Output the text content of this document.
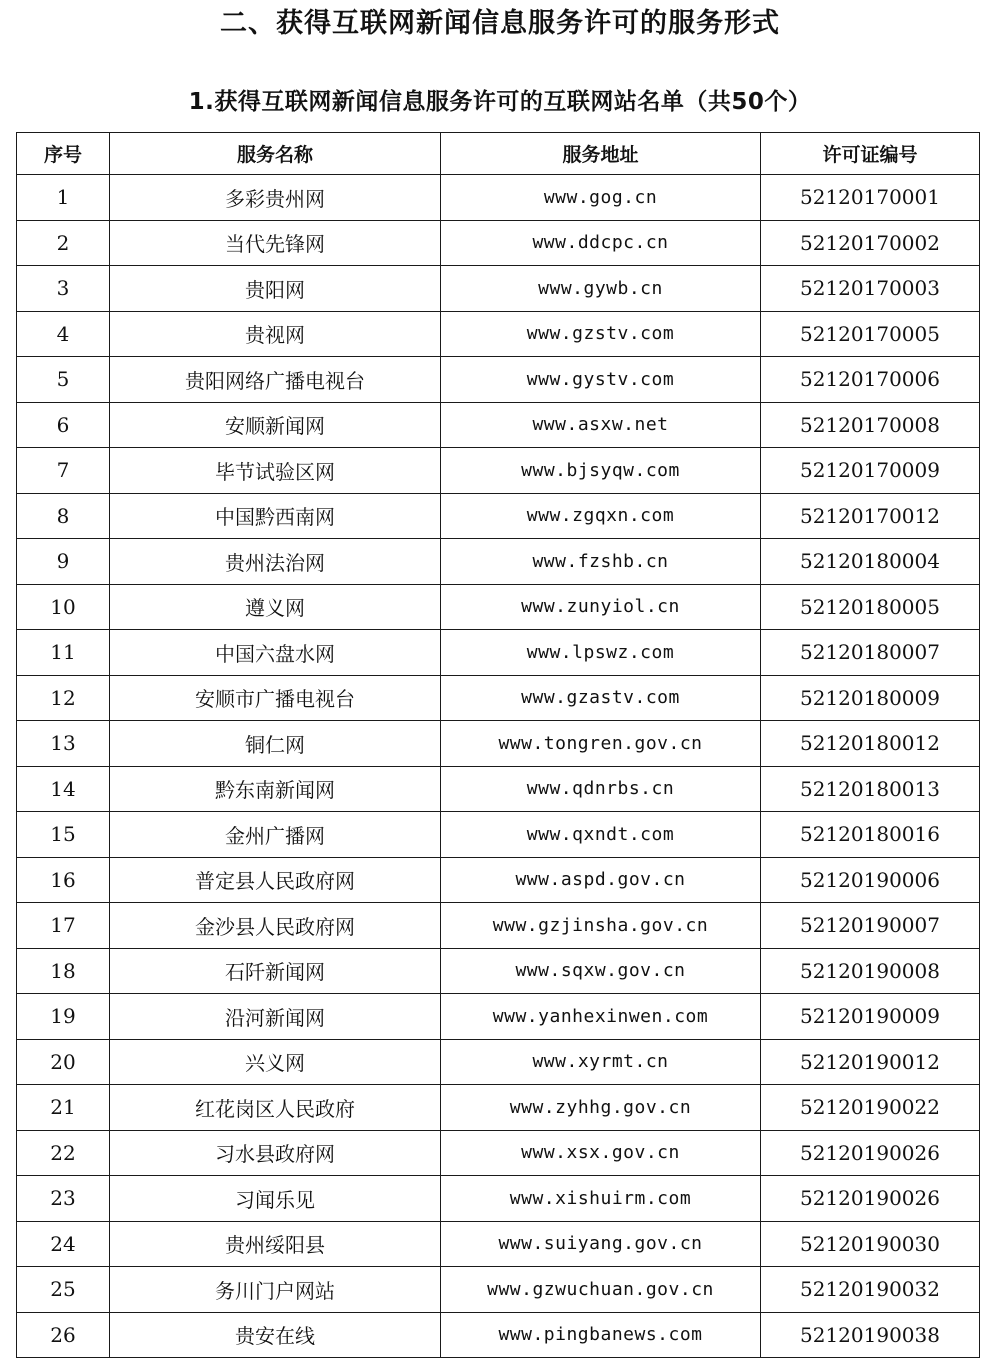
二、获得互联网新闻信息服务许可的服务形式
1.获得互联网新闻信息服务许可的互联网站名单（共50个）
序号	服务名称	服务地址	许可证编号
1	多彩贵州网	www.gog.cn	52120170001
2	当代先锋网	www.ddcpc.cn	52120170002
3	贵阳网	www.gywb.cn	52120170003
4	贵视网	www.gzstv.com	52120170005
5	贵阳网络广播电视台	www.gystv.com	52120170006
6	安顺新闻网	www.asxw.net	52120170008
7	毕节试验区网	www.bjsyqw.com	52120170009
8	中国黔西南网	www.zgqxn.com	52120170012
9	贵州法治网	www.fzshb.cn	52120180004
10	遵义网	www.zunyiol.cn	52120180005
11	中国六盘水网	www.lpswz.com	52120180007
12	安顺市广播电视台	www.gzastv.com	52120180009
13	铜仁网	www.tongren.gov.cn	52120180012
14	黔东南新闻网	www.qdnrbs.cn	52120180013
15	金州广播网	www.qxndt.com	52120180016
16	普定县人民政府网	www.aspd.gov.cn	52120190006
17	金沙县人民政府网	www.gzjinsha.gov.cn	52120190007
18	石阡新闻网	www.sqxw.gov.cn	52120190008
19	沿河新闻网	www.yanhexinwen.com	52120190009
20	兴义网	www.xyrmt.cn	52120190012
21	红花岗区人民政府	www.zyhhg.gov.cn	52120190022
22	习水县政府网	www.xsx.gov.cn	52120190026
23	习闻乐见	www.xishuirm.com	52120190026
24	贵州绥阳县	www.suiyang.gov.cn	52120190030
25	务川门户网站	www.gzwuchuan.gov.cn	52120190032
26	贵安在线	www.pingbanews.com	52120190038
